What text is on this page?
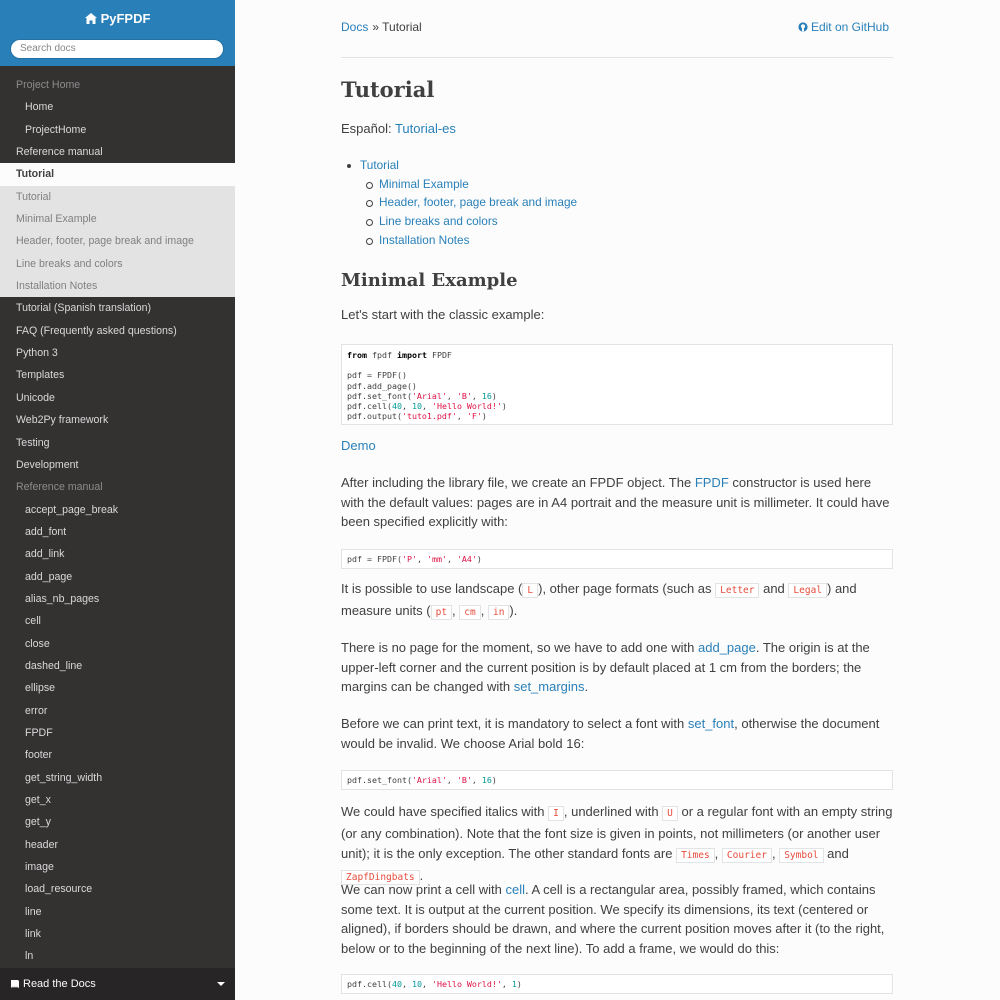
PyFPDF
Search docs
Project Home
Home
ProjectHome
Reference manual
Tutorial
Tutorial
Minimal Example
Header, footer, page break and image
Line breaks and colors
Installation Notes
Tutorial (Spanish translation)
FAQ (Frequently asked questions)
Python 3
Templates
Unicode
Web2Py framework
Testing
Development
Reference manual
accept_page_break
add_font
add_link
add_page
alias_nb_pages
cell
close
dashed_line
ellipse
error
FPDF
footer
get_string_width
get_x
get_y
header
image
load_resource
line
link
ln
Read the Docs
Docs » Tutorial	Edit on GitHub
Tutorial

Español: Tutorial-es

Tutorial
Minimal Example
Header, footer, page break and image
Line breaks and colors
Installation Notes
Minimal Example

Let's start with the classic example:

from fpdf import FPDF
pdf = FPDF()
pdf.add_page()
pdf.set_font('Arial', 'B', 16)
pdf.cell(40, 10, 'Hello World!')
pdf.output('tuto1.pdf', 'F')

Demo

After including the library file, we create an FPDF object. The FPDF constructor is used here with the default values: pages are in A4 portrait and the measure unit is millimeter. It could have been specified explicitly with:

pdf = FPDF('P', 'mm', 'A4')

It is possible to use landscape ( L ), other page formats (such as Letter and Legal ) and measure units ( pt , cm , in ).

There is no page for the moment, so we have to add one with add_page. The origin is at the upper-left corner and the current position is by default placed at 1 cm from the borders; the margins can be changed with set_margins.

Before we can print text, it is mandatory to select a font with set_font, otherwise the document would be invalid. We choose Arial bold 16:

pdf.set_font('Arial', 'B', 16)

We could have specified italics with I , underlined with U or a regular font with an empty string (or any combination). Note that the font size is given in points, not millimeters (or another user unit); it is the only exception. The other standard fonts are Times , Courier , Symbol and ZapfDingbats .

We can now print a cell with cell. A cell is a rectangular area, possibly framed, which contains some text. It is output at the current position. We specify its dimensions, its text (centered or aligned), if borders should be drawn, and where the current position moves after it (to the right, below or to the beginning of the next line). To add a frame, we would do this:

pdf.cell(40, 10, 'Hello World!', 1)
